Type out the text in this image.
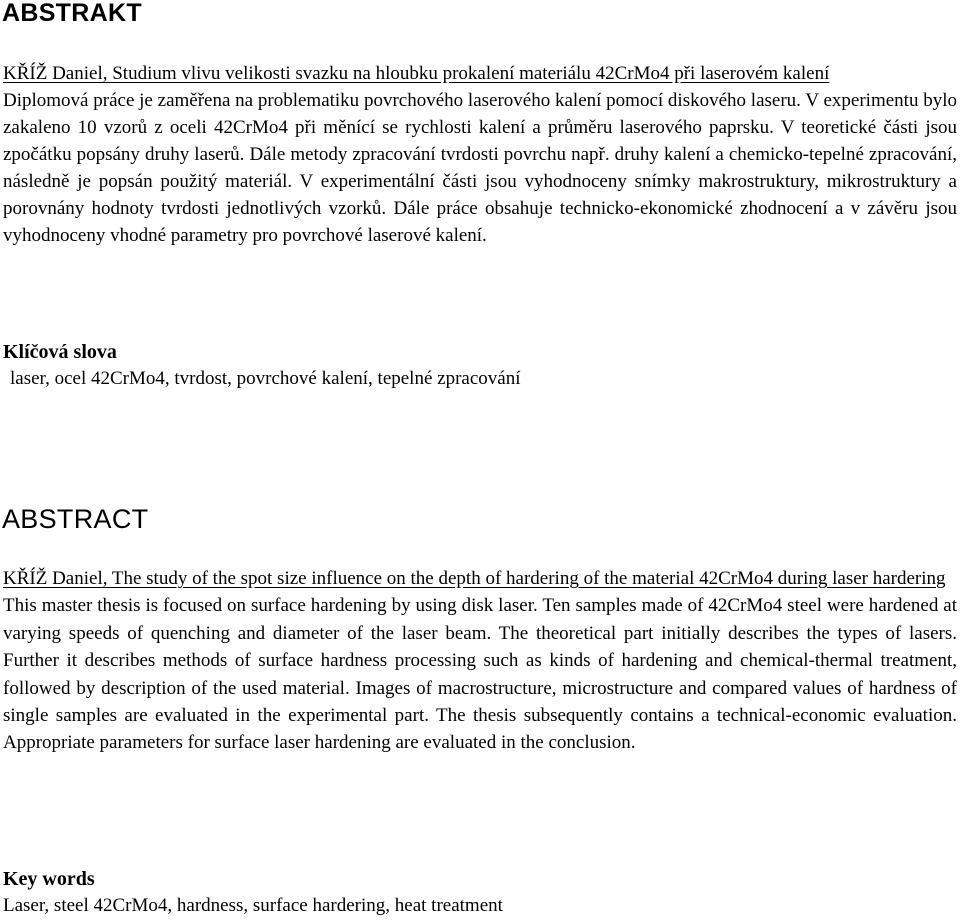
ABSTRAKT
KŘÍŽ Daniel, Studium vlivu velikosti svazku na hloubku prokalení materiálu 42CrMo4 při laserovém kalení
Diplomová práce je zaměřena na problematiku povrchového laserového kalení pomocí diskového laseru. V experimentu bylo zakaleno 10 vzorů z oceli 42CrMo4 při měnící se rychlosti kalení a průměru laserového paprsku. V teoretické části jsou zpočátku popsány druhy laserů. Dále metody zpracování tvrdosti povrchu např. druhy kalení a chemicko-tepelné zpracování, následně je popsán použitý materiál. V experimentální části jsou vyhodnoceny snímky makrostruktury, mikrostruktury a porovnány hodnoty tvrdosti jednotlivých vzorků. Dále práce obsahuje technicko-ekonomické zhodnocení a v závěru jsou vyhodnoceny vhodné parametry pro povrchové laserové kalení.

Klíčová slova

laser, ocel 42CrMo4, tvrdost, povrchové kalení, tepelné zpracování

ABSTRACT
KŘÍŽ Daniel, The study of the spot size influence on the depth of hardering of the material 42CrMo4 during laser hardering
This master thesis is focused on surface hardening by using disk laser. Ten samples made of 42CrMo4 steel were hardened at varying speeds of quenching and diameter of the laser beam. The theoretical part initially describes the types of lasers. Further it describes methods of surface hardness processing such as kinds of hardening and chemical-thermal treatment, followed by description of the used material. Images of macrostructure, microstructure and compared values of hardness of single samples are evaluated in the experimental part. The thesis subsequently contains a technical-economic evaluation. Appropriate parameters for surface laser hardening are evaluated in the conclusion.

Key words

Laser, steel 42CrMo4, hardness, surface hardering, heat treatment
